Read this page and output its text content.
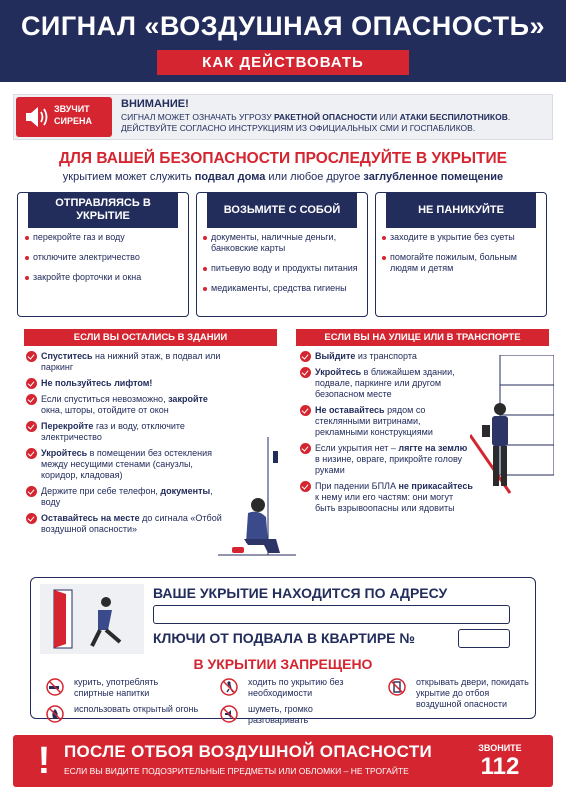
СИГНАЛ «ВОЗДУШНАЯ ОПАСНОСТЬ»
КАК ДЕЙСТВОВАТЬ
ЗВУЧИТ СИРЕНА
ВНИМАНИЕ!
СИГНАЛ МОЖЕТ ОЗНАЧАТЬ УГРОЗУ РАКЕТНОЙ ОПАСНОСТИ ИЛИ АТАКИ БЕСПИЛОТНИКОВ. ДЕЙСТВУЙТЕ СОГЛАСНО ИНСТРУКЦИЯМ ИЗ ОФИЦИАЛЬНЫХ СМИ И ГОСПАБЛИКОВ.
ДЛЯ ВАШЕЙ БЕЗОПАСНОСТИ ПРОСЛЕДУЙТЕ В УКРЫТИЕ
укрытием может служить подвал дома или любое другое заглубленное помещение
ОТПРАВЛЯЯСЬ В УКРЫТИЕ
перекройте газ и воду
отключите электричество
закройте форточки и окна
ВОЗЬМИТЕ С СОБОЙ
документы, наличные деньги, банковские карты
питьевую воду и продукты питания
медикаменты, средства гигиены
НЕ ПАНИКУЙТЕ
заходите в укрытие без суеты
помогайте пожилым, больным людям и детям
ЕСЛИ ВЫ ОСТАЛИСЬ В ЗДАНИИ
Спуститесь на нижний этаж, в подвал или паркинг
Не пользуйтесь лифтом!
Если спуститься невозможно, закройте окна, шторы, отойдите от окон
Перекройте газ и воду, отключите электричество
Укройтесь в помещении без остекления между несущими стенами (санузлы, коридор, кладовая)
Держите при себе телефон, документы, воду
Оставайтесь на месте до сигнала «Отбой воздушной опасности»
ЕСЛИ ВЫ НА УЛИЦЕ ИЛИ В ТРАНСПОРТЕ
Выйдите из транспорта
Укройтесь в ближайшем здании, подвале, паркинге или другом безопасном месте
Не оставайтесь рядом со стеклянными витринами, рекламными конструкциями
Если укрытия нет – лягте на землю в низине, овраге, прикройте голову руками
При падении БПЛА не прикасайтесь к нему или его частям: они могут быть взрывоопасны или ядовиты
ВАШЕ УКРЫТИЕ НАХОДИТСЯ ПО АДРЕСУ
КЛЮЧИ ОТ ПОДВАЛА В КВАРТИРЕ №
В УКРЫТИИ ЗАПРЕЩЕНО
курить, употреблять спиртные напитки
использовать открытый огонь
ходить по укрытию без необходимости
шуметь, громко разговаривать
открывать двери, покидать укрытие до отбоя воздушной опасности
! ПОСЛЕ ОТБОЯ ВОЗДУШНОЙ ОПАСНОСТИ
ЕСЛИ ВЫ ВИДИТЕ ПОДОЗРИТЕЛЬНЫЕ ПРЕДМЕТЫ ИЛИ ОБЛОМКИ – НЕ ТРОГАЙТЕ
ЗВОНИТЕ
112
